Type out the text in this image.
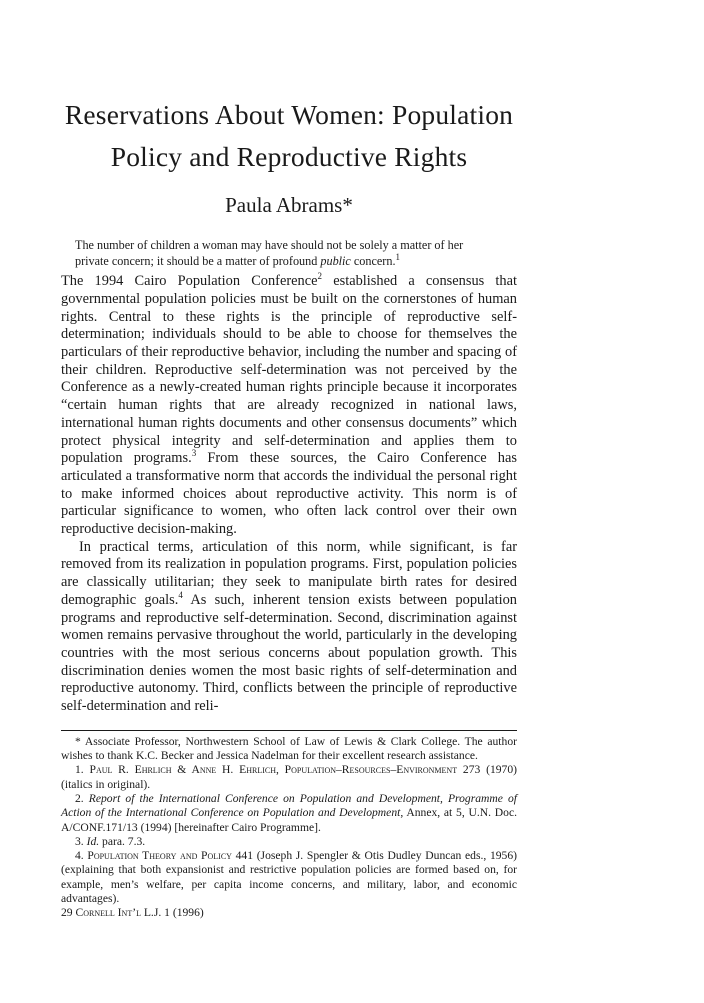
Reservations About Women: Population
Policy and Reproductive Rights
Paula Abrams*
The number of children a woman may have should not be solely a matter of her private concern; it should be a matter of profound public concern.$^1$

The 1994 Cairo Population Conference$^2$ established a consensus that governmental population policies must be built on the cornerstones of human rights. Central to these rights is the principle of reproductive self-determination; individuals should to be able to choose for themselves the particulars of their reproductive behavior, including the number and spacing of their children. Reproductive self-determination was not perceived by the Conference as a newly-created human rights principle because it incorporates “certain human rights that are already recognized in national laws, international human rights documents and other consensus documents” which protect physical integrity and self-determination and applies them to population programs.$^3$ From these sources, the Cairo Conference has articulated a transformative norm that accords the individual the personal right to make informed choices about reproductive activity. This norm is of particular significance to women, who often lack control over their own reproductive decision-making.

In practical terms, articulation of this norm, while significant, is far removed from its realization in population programs. First, population policies are classically utilitarian; they seek to manipulate birth rates for desired demographic goals.$^4$ As such, inherent tension exists between population programs and reproductive self-determination. Second, discrimination against women remains pervasive throughout the world, particularly in the developing countries with the most serious concerns about population growth. This discrimination denies women the most basic rights of self-determination and reproductive autonomy. Third, conflicts between the principle of reproductive self-determination and reli-

* Associate Professor, Northwestern School of Law of Lewis & Clark College. The author wishes to thank K.C. Becker and Jessica Nadelman for their excellent research assistance.

1. Paul R. Ehrlich & Anne H. Ehrlich, Population–Resources–Environment 273 (1970) (italics in original).

2. Report of the International Conference on Population and Development, Programme of Action of the International Conference on Population and Development, Annex, at 5, U.N. Doc. A/CONF.171/13 (1994) [hereinafter Cairo Programme].

3. Id. para. 7.3.

4. Population Theory and Policy 441 (Joseph J. Spengler & Otis Dudley Duncan eds., 1956) (explaining that both expansionist and restrictive population policies are formed based on, for example, men’s welfare, per capita income concerns, and military, labor, and economic advantages).

29 Cornell Int’l L.J. 1 (1996)
